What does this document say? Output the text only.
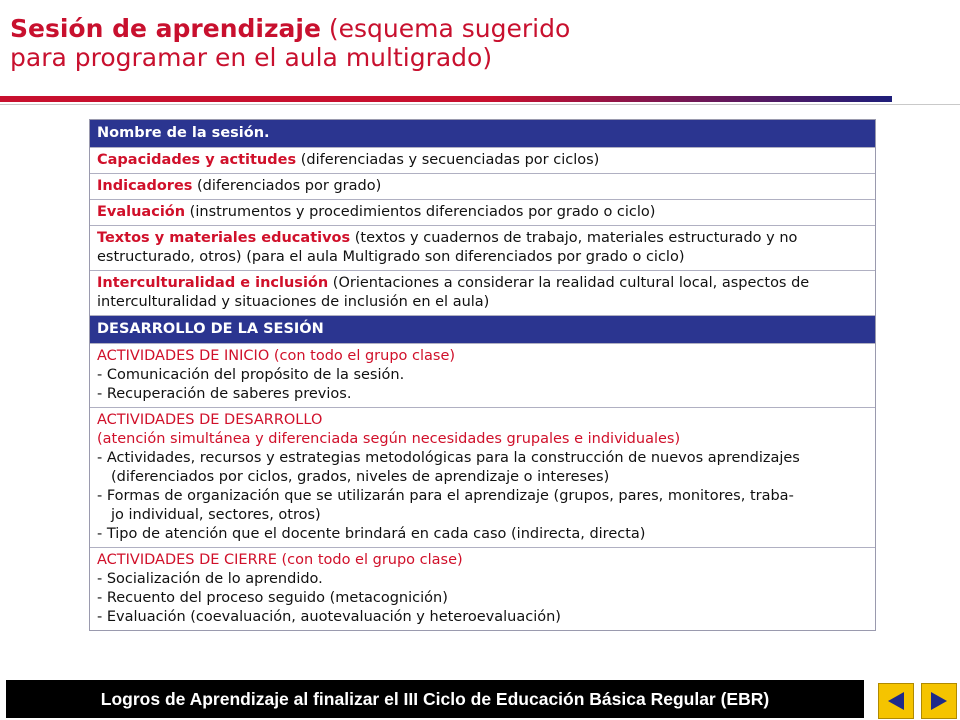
Sesión de aprendizaje (esquema sugerido
para programar en el aula multigrado)
Nombre de la sesión.
Capacidades y actitudes (diferenciadas y secuenciadas por ciclos)
Indicadores (diferenciados por grado)
Evaluación (instrumentos y procedimientos diferenciados por grado o ciclo)
Textos y materiales educativos (textos y cuadernos de trabajo, materiales estructurado y no estructurado, otros) (para el aula Multigrado son diferenciados por grado o ciclo)
Interculturalidad e inclusión (Orientaciones a considerar la realidad cultural local, aspectos de interculturalidad y situaciones de inclusión en el aula)
DESARROLLO DE LA SESIÓN
ACTIVIDADES DE INICIO (con todo el grupo clase)
- Comunicación del propósito de la sesión.
- Recuperación de saberes previos.
ACTIVIDADES DE DESARROLLO
(atención simultánea y diferenciada según necesidades grupales e individuales)
- Actividades, recursos y estrategias metodológicas para la construcción de nuevos aprendizajes
(diferenciados por ciclos, grados, niveles de aprendizaje o intereses)
- Formas de organización que se utilizarán para el aprendizaje (grupos, pares, monitores, traba-
jo individual, sectores, otros)
- Tipo de atención que el docente brindará en cada caso (indirecta, directa)
ACTIVIDADES DE CIERRE (con todo el grupo clase)
- Socialización de lo aprendido.
- Recuento del proceso seguido (metacognición)
- Evaluación (coevaluación, auotevaluación y heteroevaluación)
Logros de Aprendizaje al finalizar el III Ciclo de Educación Básica Regular (EBR)
